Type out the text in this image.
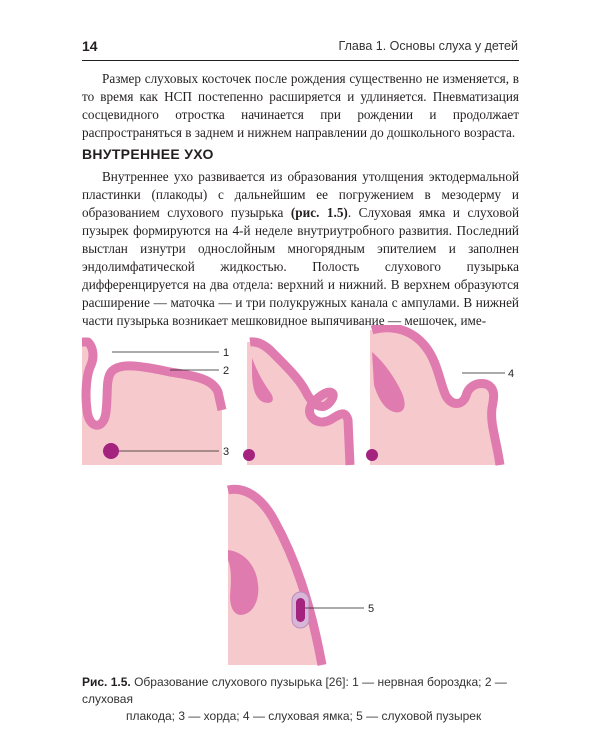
14	Глава 1. Основы слуха у детей

Размер слуховых косточек после рождения существенно не изменяется, в то время как НСП постепенно расширяется и удлиняется. Пневматизация сосцевидного отростка начинается при рождении и продолжает распространяться в заднем и нижнем направлении до дошкольного возраста.

ВНУТРЕННЕЕ УХО

Внутреннее ухо развивается из образования утолщения эктодермальной пластинки (плакоды) с дальнейшим ее погружением в мезодерму и образованием слухового пузырька (рис. 1.5). Слуховая ямка и слуховой пузырек формируются на 4-й неделе внутриутробного развития. Последний выстлан изнутри однослойным многорядным эпителием и заполнен эндолимфатической жидкостью. Полость слухового пузырька дифференцируется на два отдела: верхний и нижний. В верхнем образуются расширение — маточка — и три полукружных канала с ампулами. В нижней части пузырька возникает мешковидное выпячивание — мешочек, име-

1
2
3
4
5

Рис. 1.5. Образование слухового пузырька [26]: 1 — нервная бороздка; 2 — слуховая
плакода; 3 — хорда; 4 — слуховая ямка; 5 — слуховой пузырек
